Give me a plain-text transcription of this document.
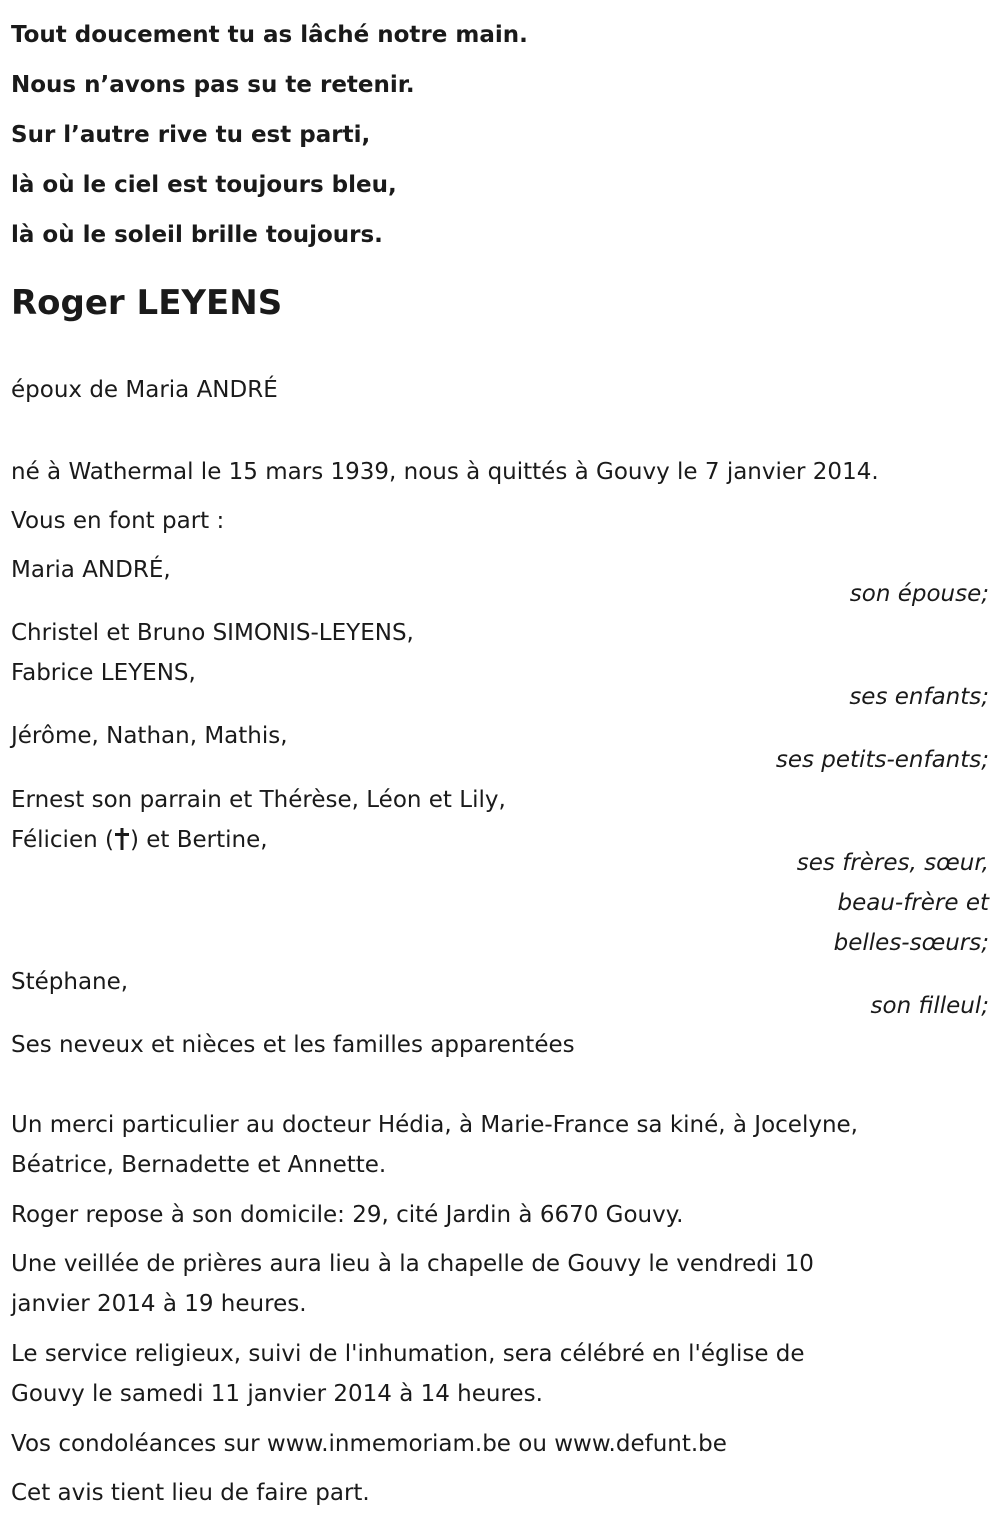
Tout doucement tu as lâché notre main.
Nous n’avons pas su te retenir.
Sur l’autre rive tu est parti,
là où le ciel est toujours bleu,
là où le soleil brille toujours.
Roger LEYENS
époux de Maria ANDRÉ
né à Wathermal le 15 mars 1939, nous à quittés à Gouvy le 7 janvier 2014.
Vous en font part :
Maria ANDRÉ,
son épouse;
Christel et Bruno SIMONIS-LEYENS,
Fabrice LEYENS,
ses enfants;
Jérôme, Nathan, Mathis,
ses petits-enfants;
Ernest son parrain et Thérèse, Léon et Lily,
Félicien ( ) et Bertine,
ses frères, sœur,
beau-frère et
belles-sœurs;
Stéphane,
son filleul;
Ses neveux et nièces et les familles apparentées
Un merci particulier au docteur Hédia, à Marie-France sa kiné, à Jocelyne,
Béatrice, Bernadette et Annette.
Roger repose à son domicile: 29, cité Jardin à 6670 Gouvy.
Une veillée de prières aura lieu à la chapelle de Gouvy le vendredi 10
janvier 2014 à 19 heures.
Le service religieux, suivi de l'inhumation, sera célébré en l'église de
Gouvy le samedi 11 janvier 2014 à 14 heures.
Vos condoléances sur www.inmemoriam.be ou www.defunt.be
Cet avis tient lieu de faire part.
